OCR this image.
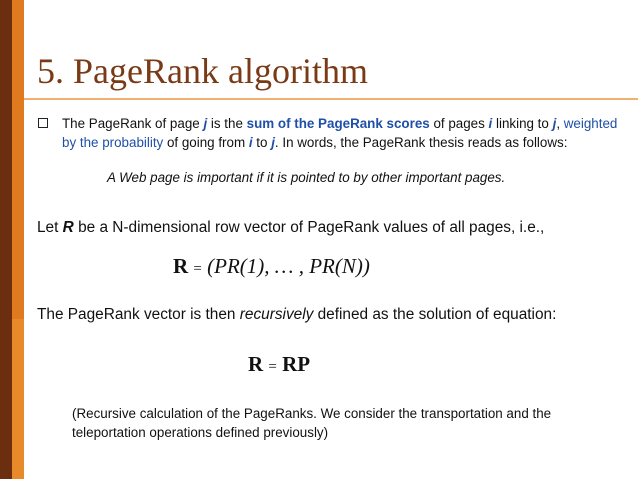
5. PageRank algorithm
The PageRank of page j is the sum of the PageRank scores of pages i linking to j, weighted by the probability of going from i to j. In words, the PageRank thesis reads as follows:
A Web page is important if it is pointed to by other important pages.
Let R be a N-dimensional row vector of PageRank values of all pages, i.e.,
R = (PR(1), … , PR(N))
The PageRank vector is then recursively defined as the solution of equation:
R = RP
(Recursive calculation of the PageRanks. We consider the transportation and the teleportation operations defined previously)
